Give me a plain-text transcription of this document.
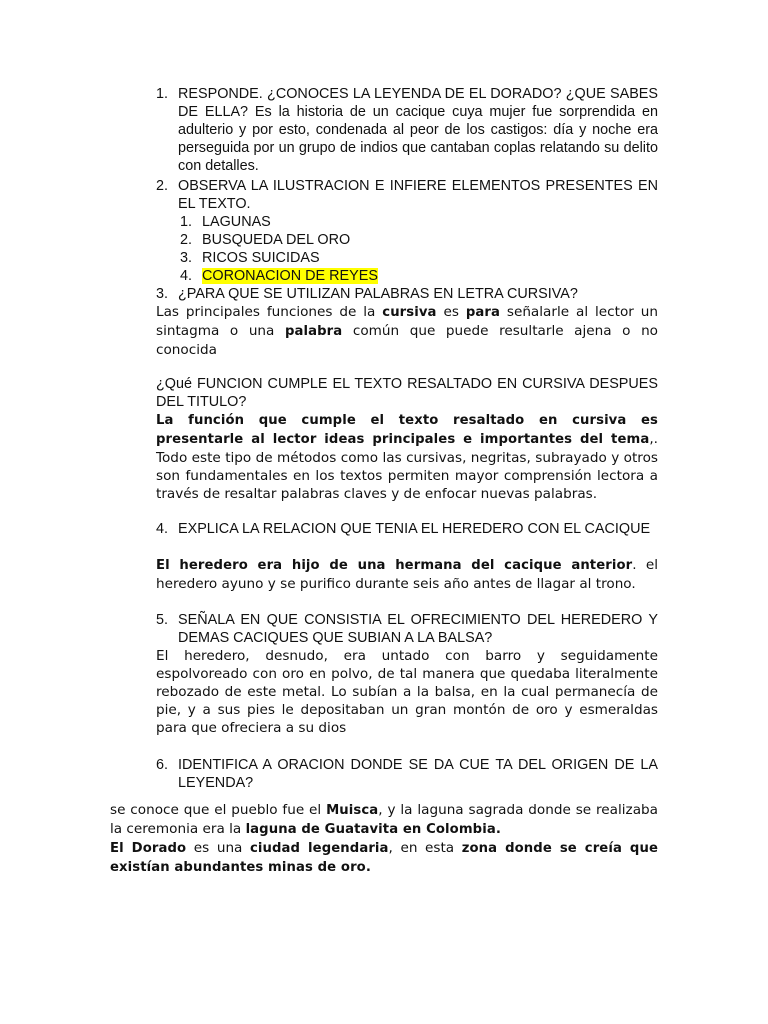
1. RESPONDE. ¿CONOCES LA LEYENDA DE EL DORADO? ¿QUE SABES DE ELLA? Es la historia de un cacique cuya mujer fue sorprendida en adulterio y por esto, condenada al peor de los castigos: día y noche era perseguida por un grupo de indios que cantaban coplas relatando su delito con detalles.
2. OBSERVA LA ILUSTRACION E INFIERE ELEMENTOS PRESENTES EN EL TEXTO.
1. LAGUNAS
2. BUSQUEDA DEL ORO
3. RICOS SUICIDAS
4. CORONACION DE REYES
3. ¿PARA QUE SE UTILIZAN PALABRAS EN LETRA CURSIVA?
Las principales funciones de la cursiva es para señalarle al lector un sintagma o una palabra común que puede resultarle ajena o no conocida
¿Qué FUNCION CUMPLE EL TEXTO RESALTADO EN CURSIVA DESPUES DEL TITULO?
La función que cumple el texto resaltado en cursiva es presentarle al lector ideas principales e importantes del tema,. Todo este tipo de métodos como las cursivas, negritas, subrayado y otros son fundamentales en los textos permiten mayor comprensión lectora a través de resaltar palabras claves y de enfocar nuevas palabras.
4. EXPLICA LA RELACION QUE TENIA EL HEREDERO CON EL CACIQUE
El heredero era hijo de una hermana del cacique anterior. el heredero ayuno y se purifico durante seis año antes de llagar al trono.
5. SEÑALA EN QUE CONSISTIA EL OFRECIMIENTO DEL HEREDERO Y DEMAS CACIQUES QUE SUBIAN A LA BALSA?
El heredero, desnudo, era untado con barro y seguidamente espolvoreado con oro en polvo, de tal manera que quedaba literalmente rebozado de este metal. Lo subían a la balsa, en la cual permanecía de pie, y a sus pies le depositaban un gran montón de oro y esmeraldas para que ofreciera a su dios
6. IDENTIFICA A ORACION DONDE SE DA CUE TA DEL ORIGEN DE LA LEYENDA?
se conoce que el pueblo fue el Muisca, y la laguna sagrada donde se realizaba la ceremonia era la laguna de Guatavita en Colombia.
El Dorado es una ciudad legendaria, en esta zona donde se creía que existían abundantes minas de oro.
